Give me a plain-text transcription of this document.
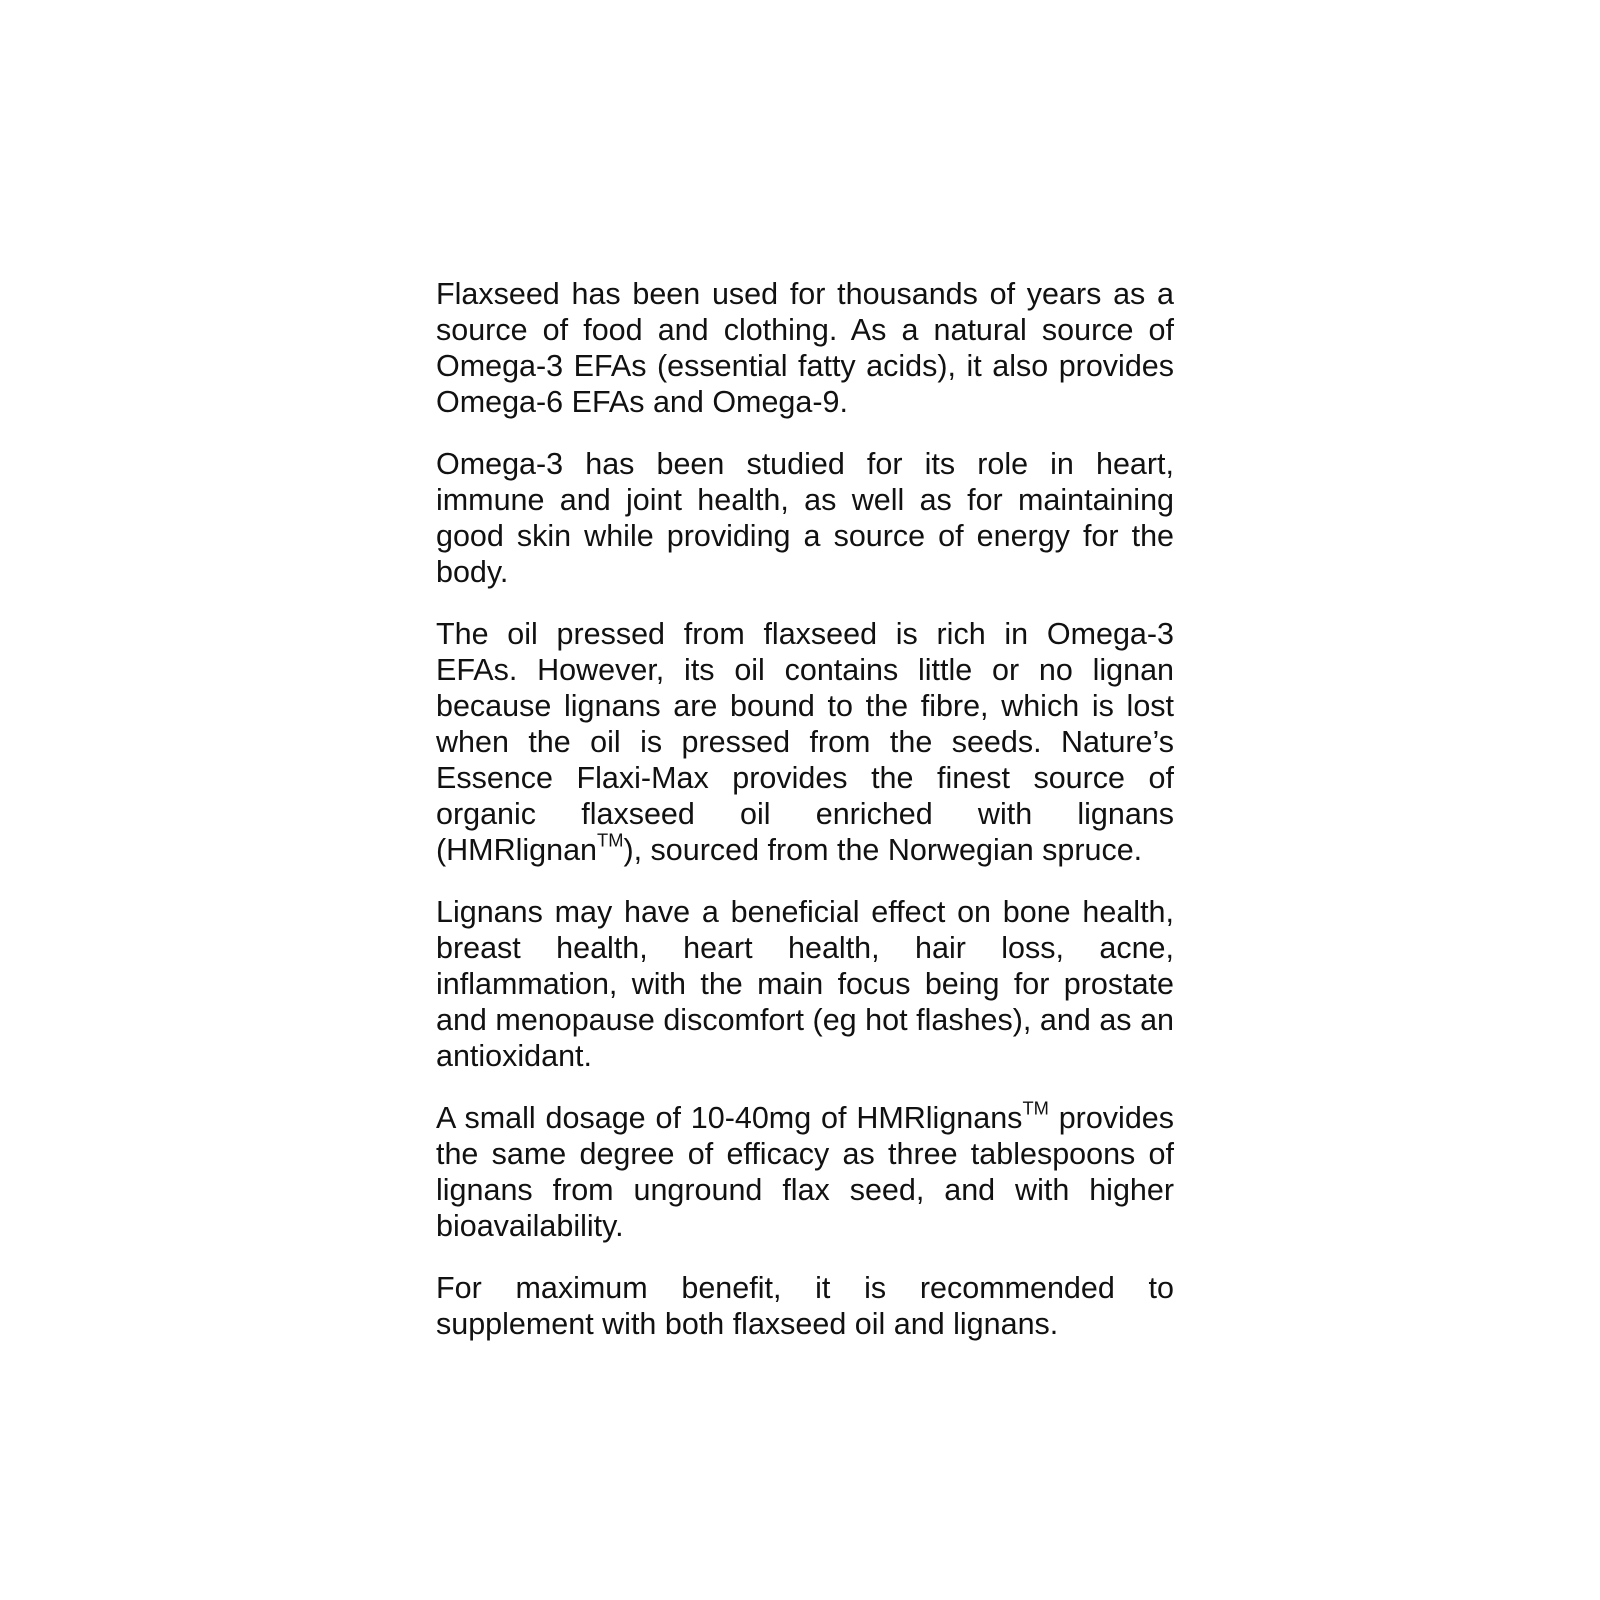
Flaxseed has been used for thousands of years as a source of food and clothing. As a natural source of Omega-3 EFAs (essential fatty acids), it also provides Omega-6 EFAs and Omega-9.

Omega-3 has been studied for its role in heart, immune and joint health, as well as for maintaining good skin while providing a source of energy for the body.

The oil pressed from flaxseed is rich in Omega-3 EFAs. However, its oil contains little or no lignan because lignans are bound to the fibre, which is lost when the oil is pressed from the seeds. Nature’s Essence Flaxi-Max provides the finest source of organic flaxseed oil enriched with lignans (HMRlignan™), sourced from the Norwegian spruce.

Lignans may have a beneficial effect on bone health, breast health, heart health, hair loss, acne, inflammation, with the main focus being for prostate and menopause discomfort (eg hot flashes), and as an antioxidant.

A small dosage of 10-40mg of HMRlignans™ provides the same degree of efficacy as three tablespoons of lignans from unground flax seed, and with higher bioavailability.

For maximum benefit, it is recommended to supplement with both flaxseed oil and lignans.
